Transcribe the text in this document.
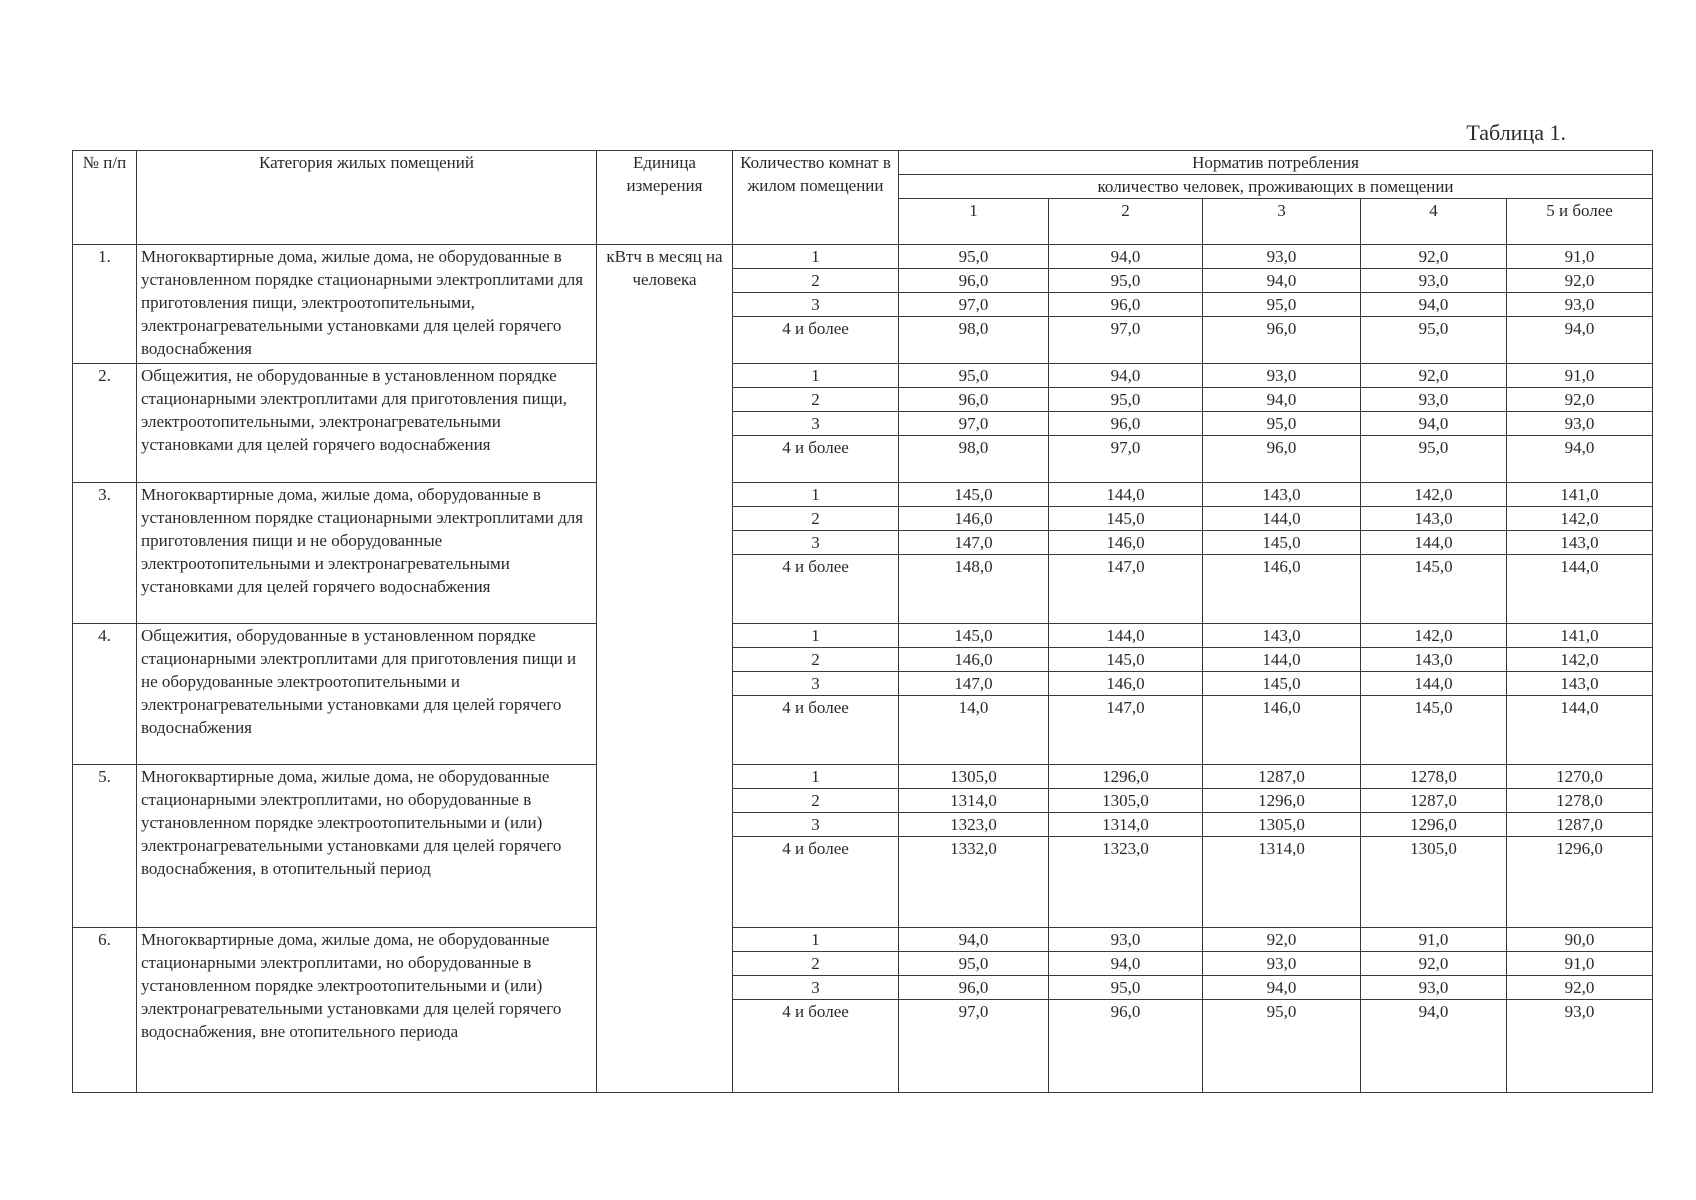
Таблица 1.
№ п/п	Категория жилых помещений	Единица измерения	Количество комнат в жилом помещении	Норматив потребления				
				количество человек, проживающих в помещении				
				1	2	3	4	5 и более
1.	Многоквартирные дома, жилые дома, не оборудованные в установленном порядке стационарными электроплитами для приготовления пищи, электроотопительными, электронагревательными установками для целей горячего водоснабжения	кВтч в месяц на человека	1	95,0	94,0	93,0	92,0	91,0
			2	96,0	95,0	94,0	93,0	92,0
			3	97,0	96,0	95,0	94,0	93,0
			4 и более	98,0	97,0	96,0	95,0	94,0
2.	Общежития, не оборудованные в установленном порядке стационарными электроплитами для приготовления пищи, электроотопительными, электронагревательными установками для целей горячего водоснабжения		1	95,0	94,0	93,0	92,0	91,0
			2	96,0	95,0	94,0	93,0	92,0
			3	97,0	96,0	95,0	94,0	93,0
			4 и более	98,0	97,0	96,0	95,0	94,0
3.	Многоквартирные дома, жилые дома, оборудованные в установленном порядке стационарными электроплитами для приготовления пищи и не оборудованные электроотопительными и электронагревательными установками для целей горячего водоснабжения		1	145,0	144,0	143,0	142,0	141,0
			2	146,0	145,0	144,0	143,0	142,0
			3	147,0	146,0	145,0	144,0	143,0
			4 и более	148,0	147,0	146,0	145,0	144,0
4.	Общежития, оборудованные в установленном порядке стационарными электроплитами для приготовления пищи и не оборудованные электроотопительными и электронагревательными установками для целей горячего водоснабжения		1	145,0	144,0	143,0	142,0	141,0
			2	146,0	145,0	144,0	143,0	142,0
			3	147,0	146,0	145,0	144,0	143,0
			4 и более	14,0	147,0	146,0	145,0	144,0
5.	Многоквартирные дома, жилые дома, не оборудованные стационарными электроплитами, но оборудованные в установленном порядке электроотопительными и (или) электронагревательными установками для целей горячего водоснабжения, в отопительный период		1	1305,0	1296,0	1287,0	1278,0	1270,0
			2	1314,0	1305,0	1296,0	1287,0	1278,0
			3	1323,0	1314,0	1305,0	1296,0	1287,0
			4 и более	1332,0	1323,0	1314,0	1305,0	1296,0
6.	Многоквартирные дома, жилые дома, не оборудованные стационарными электроплитами, но оборудованные в установленном порядке электроотопительными и (или) электронагревательными установками для целей горячего водоснабжения, вне отопительного периода		1	94,0	93,0	92,0	91,0	90,0
			2	95,0	94,0	93,0	92,0	91,0
			3	96,0	95,0	94,0	93,0	92,0
			4 и более	97,0	96,0	95,0	94,0	93,0
